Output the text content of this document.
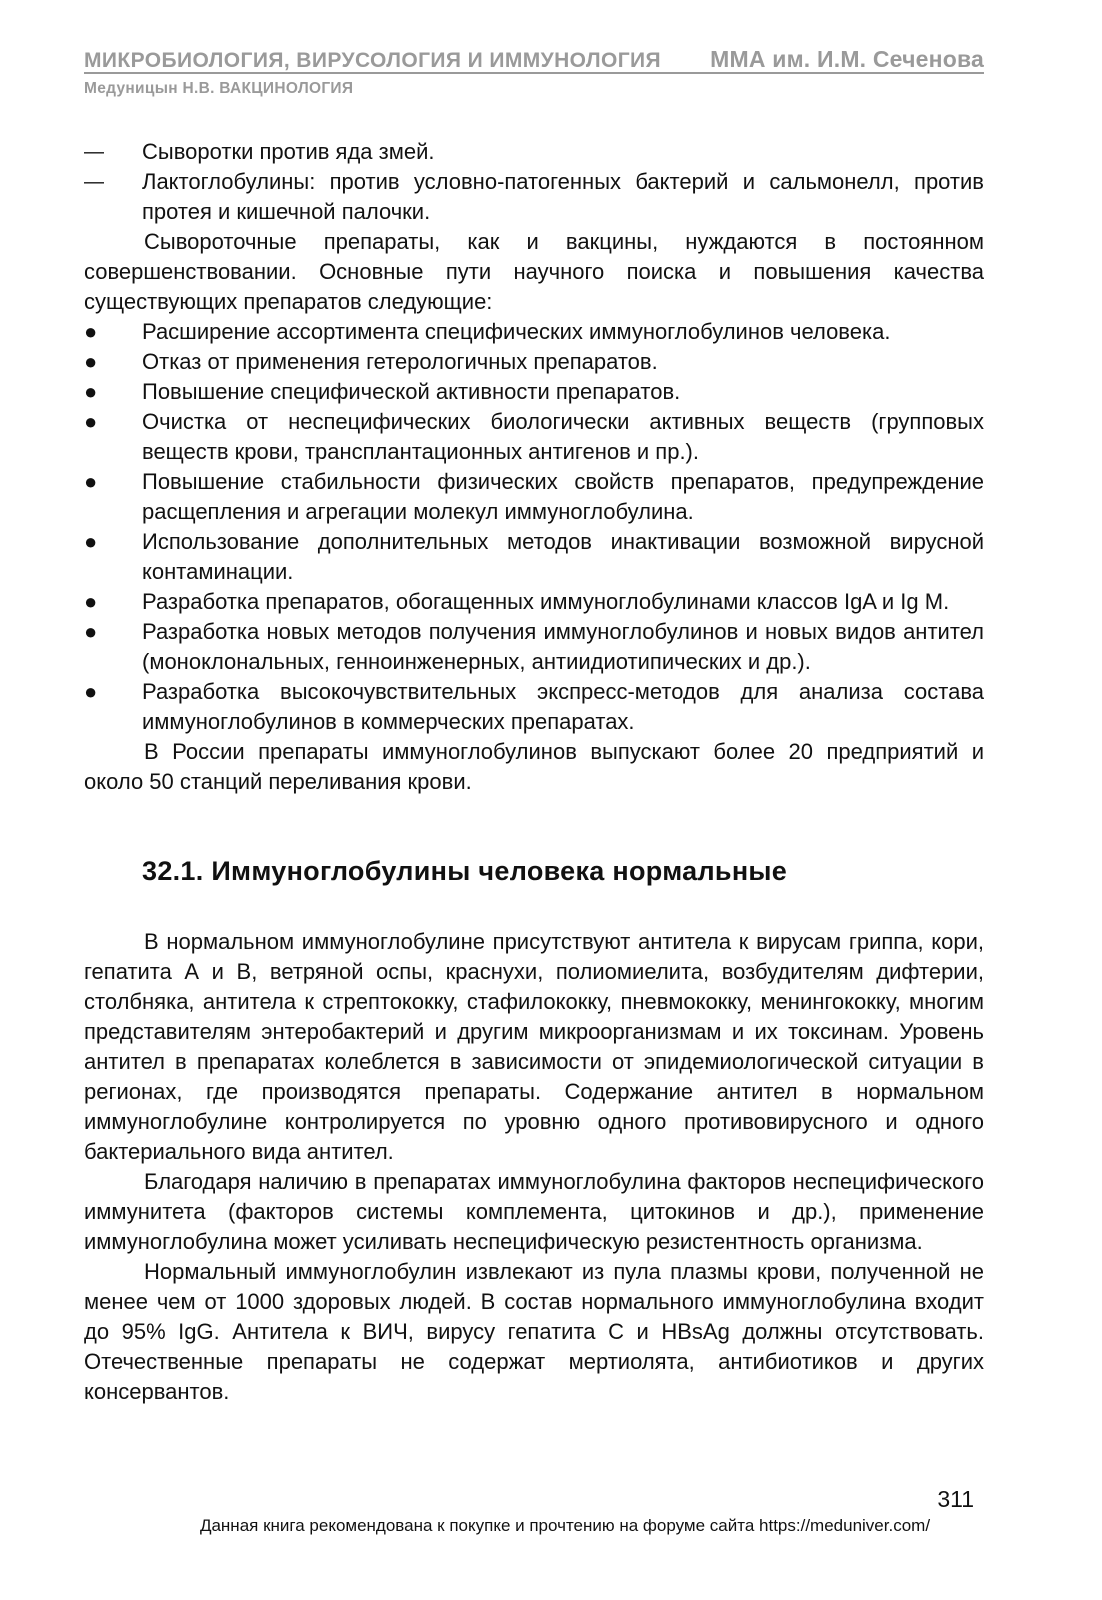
МИКРОБИОЛОГИЯ, ВИРУСОЛОГИЯ И ИММУНОЛОГИЯ ММА им. И.М. Сеченова
Медуницын Н.В. ВАКЦИНОЛОГИЯ
—	Сыворотки против яда змей.
—	Лактоглобулины: против условно-патогенных бактерий и сальмонелл, против протея и кишечной палочки.

Сывороточные препараты, как и вакцины, нуждаются в постоянном совершенствовании. Основные пути научного поиска и повышения качества существующих препаратов следующие:

●	Расширение ассортимента специфических иммуноглобулинов человека.
●	Отказ от применения гетерологичных препаратов.
●	Повышение специфической активности препаратов.
●	Очистка от неспецифических биологически активных веществ (групповых веществ крови, трансплантационных антигенов и пр.).
●	Повышение стабильности физических свойств препаратов, предупреждение расщепления и агрегации молекул иммуноглобулина.
●	Использование дополнительных методов инактивации возможной вирусной контаминации.
●	Разработка препаратов, обогащенных иммуноглобулинами классов IgA и Ig M.
●	Разработка новых методов получения иммуноглобулинов и новых видов антител (моноклональных, генноинженерных, антиидиотипических и др.).
●	Разработка высокочувствительных экспресс-методов для анализа состава иммуноглобулинов в коммерческих препаратах.

В России препараты иммуноглобулинов выпускают более 20 предприятий и около 50 станций переливания крови.

32.1. Иммуноглобулины человека нормальные

В нормальном иммуноглобулине присутствуют антитела к вирусам гриппа, кори, гепатита А и В, ветряной оспы, краснухи, полиомиелита, возбудителям дифтерии, столбняка, антитела к стрептококку, стафилококку, пневмококку, менингококку, многим представителям энтеробактерий и другим микроорганизмам и их токсинам. Уровень антител в препаратах колеблется в зависимости от эпидемиологической ситуации в регионах, где производятся препараты. Содержание антител в нормальном иммуноглобулине контролируется по уровню одного противовирусного и одного бактериального вида антител.

Благодаря наличию в препаратах иммуноглобулина факторов неспецифического иммунитета (факторов системы комплемента, цитокинов и др.), применение иммуноглобулина может усиливать неспецифическую резистентность организма.

Нормальный иммуноглобулин извлекают из пула плазмы крови, полученной не менее чем от 1000 здоровых людей. В состав нормального иммуноглобулина входит до 95% IgG. Антитела к ВИЧ, вирусу гепатита С и HBsAg должны отсутствовать. Отечественные препараты не содержат мертиолята, антибиотиков и других консервантов.

311
Данная книга рекомендована к покупке и прочтению на форуме сайта https://meduniver.com/
